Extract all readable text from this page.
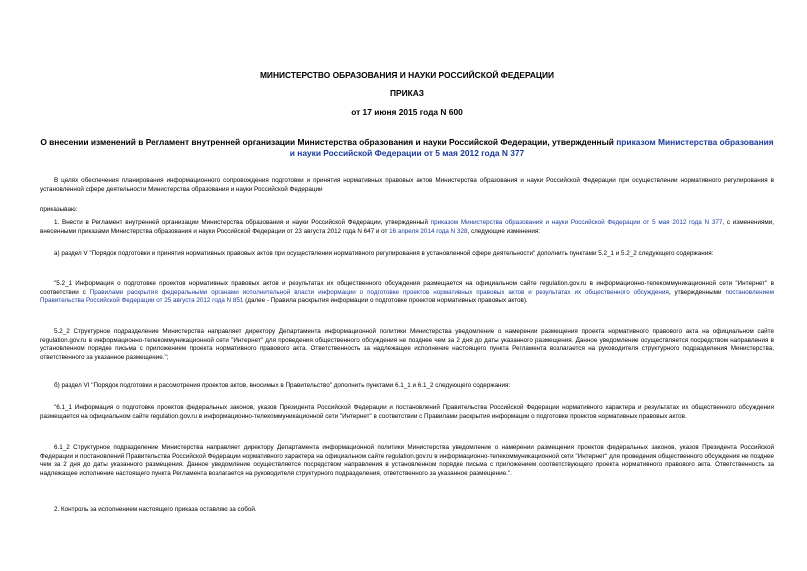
МИНИСТЕРСТВО ОБРАЗОВАНИЯ И НАУКИ РОССИЙСКОЙ ФЕДЕРАЦИИ
ПРИКАЗ
от 17 июня 2015 года N 600
О внесении изменений в Регламент внутренней организации Министерства образования и науки Российской Федерации, утвержденный приказом Министерства образования и науки Российской Федерации от 5 мая 2012 года N 377
В целях обеспечения планирования информационного сопровождения подготовки и принятия нормативных правовых актов Министерства образования и науки Российской Федерации при осуществлении нормативного регулирования в установленной сфере деятельности Министерства образования и науки Российской Федерации
приказываю:
1. Внести в Регламент внутренней организации Министерства образования и науки Российской Федерации, утвержденный приказом Министерства образования и науки Российской Федерации от 5 мая 2012 года N 377, с изменениями, внесенными приказами Министерства образования и науки Российской Федерации от 23 августа 2012 года N 647 и от 16 апреля 2014 года N 328, следующие изменения:
а) раздел V "Порядок подготовки и принятия нормативных правовых актов при осуществлении нормативного регулирования в установленной сфере деятельности" дополнить пунктами 5.2_1 и 5.2_2 следующего содержания:
"5.2_1 Информация о подготовке проектов нормативных правовых актов и результатах их общественного обсуждения размещается на официальном сайте regulation.gov.ru в информационно-телекоммуникационной сети "Интернет" в соответствии с Правилами раскрытия федеральными органами исполнительной власти информации о подготовке проектов нормативных правовых актов и результатах их общественного обсуждения, утвержденными постановлением Правительства Российской Федерации от 25 августа 2012 года N 851 (далее - Правила раскрытия информации о подготовке проектов нормативных правовых актов).
5.2_2 Структурное подразделение Министерства направляет директору Департамента информационной политики Министерства уведомление о намерении размещения проекта нормативного правового акта на официальном сайте regulation.gov.ru в информационно-телекоммуникационной сети "Интернет" для проведения общественного обсуждения не позднее чем за 2 дня до даты указанного размещения. Данное уведомление осуществляется посредством направления в установленном порядке письма с приложением проекта нормативного правового акта. Ответственность за надлежащее исполнение настоящего пункта Регламента возлагается на руководителя структурного подразделения Министерства, ответственного за указанное размещение.";
б) раздел VI "Порядок подготовки и рассмотрения проектов актов, вносимых в Правительство" дополнить пунктами 6.1_1 и 6.1_2 следующего содержания:
"6.1_1 Информация о подготовке проектов федеральных законов, указов Президента Российской Федерации и постановлений Правительства Российской Федерации нормативного характера и результатах их общественного обсуждения размещается на официальном сайте regulation.gov.ru в информационно-телекоммуникационной сети "Интернет" в соответствии с Правилами раскрытия информации о подготовке проектов нормативных правовых актов.
6.1_2 Структурное подразделение Министерства направляет директору Департамента информационной политики Министерства уведомление о намерении размещения проектов федеральных законов, указов Президента Российской Федерации и постановлений Правительства Российской Федерации нормативного характера на официальном сайте regulation.gov.ru в информационно-телекоммуникационной сети "Интернет" для проведения общественного обсуждения не позднее чем за 2 дня до даты указанного размещения. Данное уведомление осуществляется посредством направления в установленном порядке письма с приложением соответствующего проекта нормативного правового акта. Ответственность за надлежащее исполнение настоящего пункта Регламента возлагается на руководителя структурного подразделения, ответственного за указанное размещение.".
2. Контроль за исполнением настоящего приказа оставляю за собой.
